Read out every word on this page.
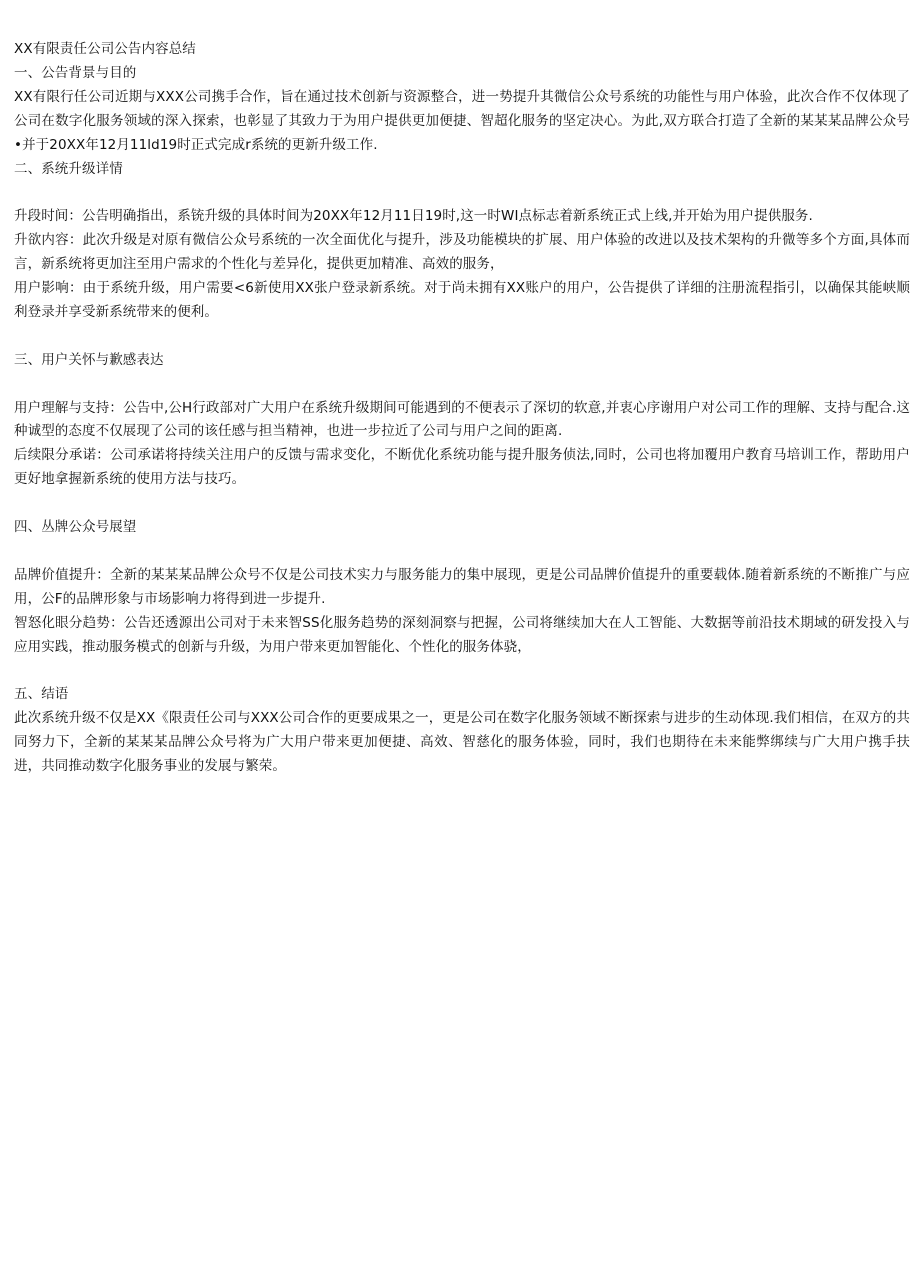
XX有限责任公司公告内容总结
一、公告背景与目的
XX有限行任公司近期与XXX公司携手合作，旨在通过技术创新与资源整合，进一势提升其微信公众号系统的功能性与用户体验，此次合作不仅体现了公司在数字化服务领域的深入探索，也彰显了其致力于为用户提供更加便捷、智超化服务的坚定决心。为此,双方联合打造了全新的某某某品牌公众号•并于20XX年12月11ld19时正式完成r系统的更新升级工作.
二、系统升级详情
升段时间：公告明确指出，系铳升级的具体时间为20XX年12月11日19时,这一时WI点标志着新系统正式上线,并开始为用户提供服务.
升欲内容：此次升级是对原有微信公众号系统的一次全面优化与提升，涉及功能模块的扩展、用户体验的改进以及技术架构的升微等多个方面,具体而言，新系统将更加注至用户需求的个性化与差异化，提供更加精准、高效的服务，
用户影响：由于系统升级，用户需要<6新使用XX张户登录新系统。对于尚未拥有XX账户的用户，公告提供了详细的注册流程指引，以确保其能峡顺利登录并享受新系统带来的便利。
三、用户关怀与歉感表达
用户理解与支持：公告中,公H行政部对广大用户在系统升级期间可能遇到的不便表示了深切的软意,并衷心序谢用户对公司工作的理解、支持与配合.这种诚型的态度不仅展现了公司的该任感与担当精神，也进一步拉近了公司与用户之间的距离.
后续限分承诺：公司承诺将持续关注用户的反馈与需求变化，不断优化系统功能与提升服务侦法,同时，公司也将加覆用户教育马培训工作，帮助用户更好地拿握新系统的使用方法与技巧。
四、丛牌公众号展望
品牌价值提升：全新的某某某品牌公众号不仅是公司技术实力与服务能力的集中展现，更是公司品牌价值提升的重要载体.随着新系统的不断推广与应用，公F的品牌形象与市场影响力将得到进一步提升.
智怒化眼分趋势：公告还透源出公司对于未来智SS化服务趋势的深刻洞察与把握，公司将继续加大在人工智能、大数据等前沿技术期域的研发投入与应用实践，推动服务模式的创新与升级，为用户带来更加智能化、个性化的服务体骁，
五、结语
此次系统升级不仅是XX《限责任公司与XXX公司合作的更要成果之一，更是公司在数字化服务领域不断探索与进步的生动体现.我们相信，在双方的共同努力下，全新的某某某品牌公众号将为广大用户带来更加便捷、高效、智慈化的服务体验，同时，我们也期待在未来能弊绑续与广大用户携手扶进，共同推动数字化服务事业的发展与繁荣。
